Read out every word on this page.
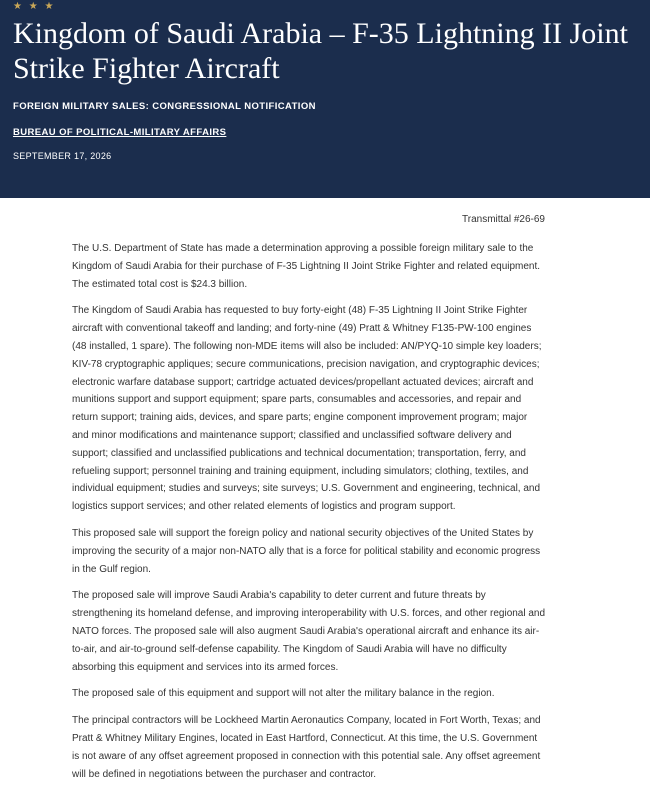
★ ★ ★
Kingdom of Saudi Arabia – F-35 Lightning II Joint Strike Fighter Aircraft
FOREIGN MILITARY SALES: CONGRESSIONAL NOTIFICATION
BUREAU OF POLITICAL-MILITARY AFFAIRS
SEPTEMBER 17, 2026
Transmittal #26-69

The U.S. Department of State has made a determination approving a possible foreign military sale to the Kingdom of Saudi Arabia for their purchase of F-35 Lightning II Joint Strike Fighter and related equipment. The estimated total cost is $24.3 billion.

The Kingdom of Saudi Arabia has requested to buy forty-eight (48) F-35 Lightning II Joint Strike Fighter aircraft with conventional takeoff and landing; and forty-nine (49) Pratt & Whitney F135-PW-100 engines (48 installed, 1 spare). The following non-MDE items will also be included: AN/PYQ-10 simple key loaders; KIV-78 cryptographic appliques; secure communications, precision navigation, and cryptographic devices; electronic warfare database support; cartridge actuated devices/propellant actuated devices; aircraft and munitions support and support equipment; spare parts, consumables and accessories, and repair and return support; training aids, devices, and spare parts; engine component improvement program; major and minor modifications and maintenance support; classified and unclassified software delivery and support; classified and unclassified publications and technical documentation; transportation, ferry, and refueling support; personnel training and training equipment, including simulators; clothing, textiles, and individual equipment; studies and surveys; site surveys; U.S. Government and engineering, technical, and logistics support services; and other related elements of logistics and program support.

This proposed sale will support the foreign policy and national security objectives of the United States by improving the security of a major non-NATO ally that is a force for political stability and economic progress in the Gulf region.

The proposed sale will improve Saudi Arabia's capability to deter current and future threats by strengthening its homeland defense, and improving interoperability with U.S. forces, and other regional and NATO forces. The proposed sale will also augment Saudi Arabia's operational aircraft and enhance its air-to-air, and air-to-ground self-defense capability. The Kingdom of Saudi Arabia will have no difficulty absorbing this equipment and services into its armed forces.

The proposed sale of this equipment and support will not alter the military balance in the region.

The principal contractors will be Lockheed Martin Aeronautics Company, located in Fort Worth, Texas; and Pratt & Whitney Military Engines, located in East Hartford, Connecticut. At this time, the U.S. Government is not aware of any offset agreement proposed in connection with this potential sale. Any offset agreement will be defined in negotiations between the purchaser and contractor.
